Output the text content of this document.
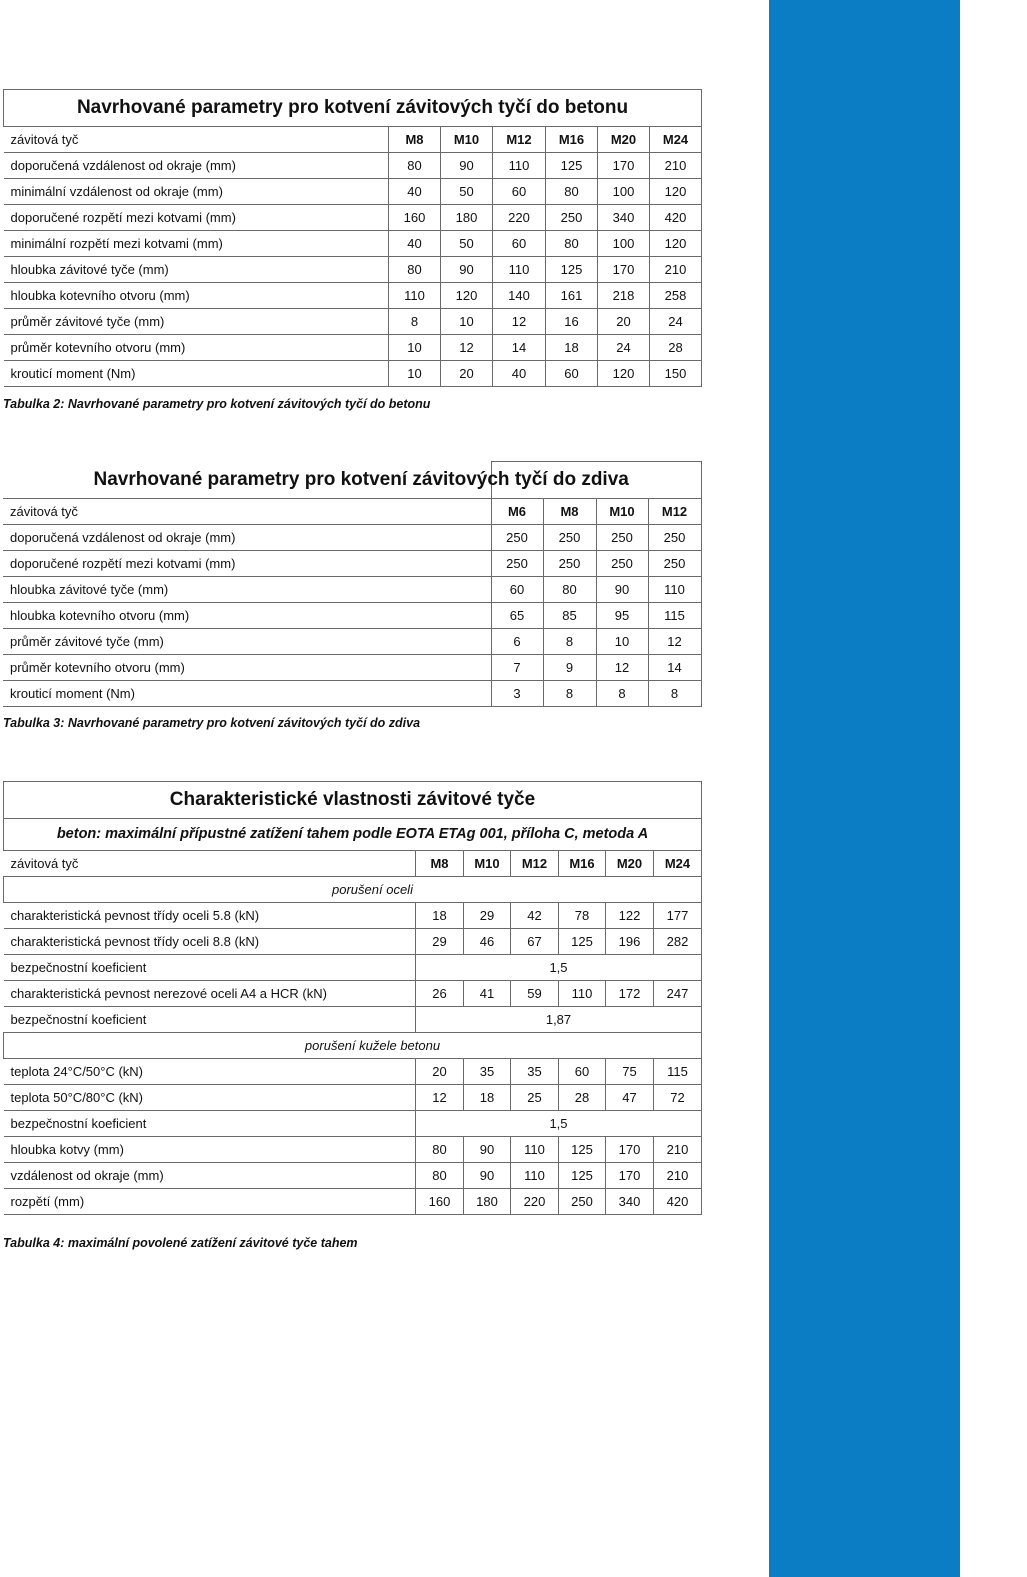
Navrhované parametry pro kotvení závitových tyčí do betonu						
závitová tyč	M8	M10	M12	M16	M20	M24
doporučená vzdálenost od okraje (mm)	80	90	110	125	170	210
minimální vzdálenost od okraje (mm)	40	50	60	80	100	120
doporučené rozpětí mezi kotvami (mm)	160	180	220	250	340	420
minimální rozpětí mezi kotvami (mm)	40	50	60	80	100	120
hloubka závitové tyče (mm)	80	90	110	125	170	210
hloubka kotevního otvoru (mm)	110	120	140	161	218	258
průměr závitové tyče (mm)	8	10	12	16	20	24
průměr kotevního otvoru (mm)	10	12	14	18	24	28
krouticí moment (Nm)	10	20	40	60	120	150
Tabulka 2: Navrhované parametry pro kotvení závitových tyčí do betonu
	Navrhované parametry pro kotvení závitových tyčí do zdiva			
závitová tyč	M6	M8	M10	M12
doporučená vzdálenost od okraje (mm)	250	250	250	250
doporučené rozpětí mezi kotvami (mm)	250	250	250	250
hloubka závitové tyče (mm)	60	80	90	110
hloubka kotevního otvoru (mm)	65	85	95	115
průměr závitové tyče (mm)	6	8	10	12
průměr kotevního otvoru (mm)	7	9	12	14
krouticí moment (Nm)	3	8	8	8
Tabulka 3: Navrhované parametry pro kotvení závitových tyčí do zdiva
Charakteristické vlastnosti závitové tyče						
beton: maximální přípustné zatížení tahem podle EOTA ETAg 001, příloha C, metoda A						
závitová tyč	M8	M10	M12	M16	M20	M24
porušení oceli						
charakteristická pevnost třídy oceli 5.8 (kN)	18	29	42	78	122	177
charakteristická pevnost třídy oceli 8.8 (kN)	29	46	67	125	196	282
bezpečnostní koeficient	1,5					
charakteristická pevnost nerezové oceli A4 a HCR (kN)	26	41	59	110	172	247
bezpečnostní koeficient	1,87					
porušení kužele betonu						
teplota 24°C/50°C (kN)	20	35	35	60	75	115
teplota 50°C/80°C (kN)	12	18	25	28	47	72
bezpečnostní koeficient	1,5					
hloubka kotvy (mm)	80	90	110	125	170	210
vzdálenost od okraje (mm)	80	90	110	125	170	210
rozpětí (mm)	160	180	220	250	340	420
Tabulka 4: maximální povolené zatížení závitové tyče tahem
